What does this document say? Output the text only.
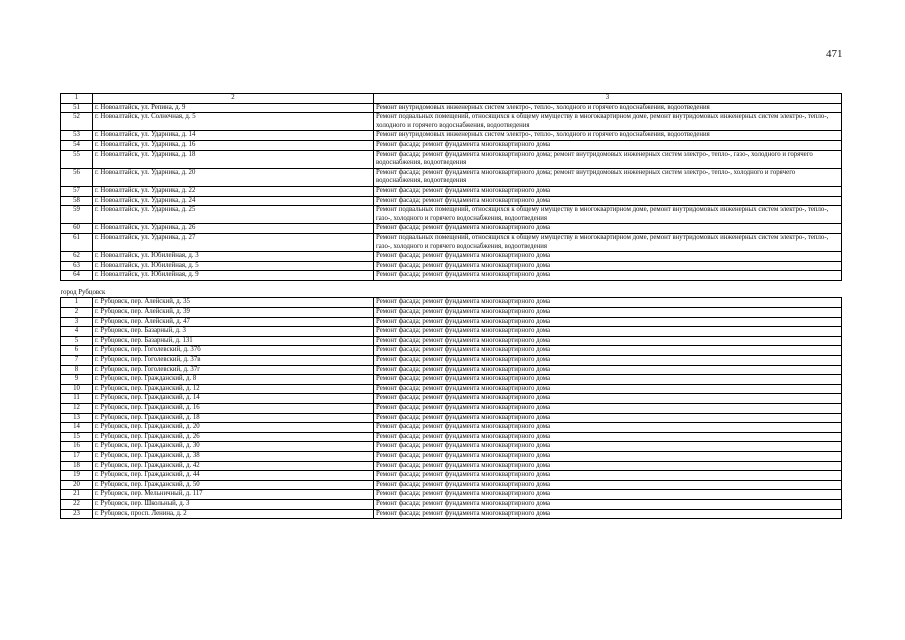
471
1	2	3
51	г. Новоалтайск, ул. Репина, д. 9	Ремонт внутридомовых инженерных систем электро-, тепло-, холодного и горячего водоснабжения, водоотведения
52	г. Новоалтайск, ул. Солнечная, д. 5	Ремонт подвальных помещений, относящихся к общему имуществу в многоквартирном доме, ремонт внутридомовых инженерных систем электро-, тепло-, холодного и горячего водоснабжения, водоотведения
53	г. Новоалтайск, ул. Ударника, д. 14	Ремонт внутридомовых инженерных систем электро-, тепло-, холодного и горячего водоснабжения, водоотведения
54	г. Новоалтайск, ул. Ударника, д. 16	Ремонт фасада; ремонт фундамента многоквартирного дома
55	г. Новоалтайск, ул. Ударника, д. 18	Ремонт фасада; ремонт фундамента многоквартирного дома; ремонт внутридомовых инженерных систем электро-, тепло-, газо-, холодного и горячего водоснабжения, водоотведения
56	г. Новоалтайск, ул. Ударника, д. 20	Ремонт фасада; ремонт фундамента многоквартирного дома; ремонт внутридомовых инженерных систем электро-, тепло-, холодного и горячего водоснабжения, водоотведения
57	г. Новоалтайск, ул. Ударника, д. 22	Ремонт фасада; ремонт фундамента многоквартирного дома
58	г. Новоалтайск, ул. Ударника, д. 24	Ремонт фасада; ремонт фундамента многоквартирного дома
59	г. Новоалтайск, ул. Ударника, д. 25	Ремонт подвальных помещений, относящихся к общему имуществу в многоквартирном доме, ремонт внутридомовых инженерных систем электро-, тепло-, газо-, холодного и горячего водоснабжения, водоотведения
60	г. Новоалтайск, ул. Ударника, д. 26	Ремонт фасада; ремонт фундамента многоквартирного дома
61	г. Новоалтайск, ул. Ударника, д. 27	Ремонт подвальных помещений, относящихся к общему имуществу в многоквартирном доме, ремонт внутридомовых инженерных систем электро-, тепло-, газо-, холодного и горячего водоснабжения, водоотведения
62	г. Новоалтайск, ул. Юбилейная, д. 3	Ремонт фасада; ремонт фундамента многоквартирного дома
63	г. Новоалтайск, ул. Юбилейная, д. 5	Ремонт фасада; ремонт фундамента многоквартирного дома
64	г. Новоалтайск, ул. Юбилейная, д. 9	Ремонт фасада; ремонт фундамента многоквартирного дома
город Рубцовск		
1	г. Рубцовск, пер. Алейский, д. 35	Ремонт фасада; ремонт фундамента многоквартирного дома
2	г. Рубцовск, пер. Алейский, д. 39	Ремонт фасада; ремонт фундамента многоквартирного дома
3	г. Рубцовск, пер. Алейский, д. 47	Ремонт фасада; ремонт фундамента многоквартирного дома
4	г. Рубцовск, пер. Базарный, д. 3	Ремонт фасада; ремонт фундамента многоквартирного дома
5	г. Рубцовск, пер. Базарный, д. 131	Ремонт фасада; ремонт фундамента многоквартирного дома
6	г. Рубцовск, пер. Гоголевский, д. 37б	Ремонт фасада; ремонт фундамента многоквартирного дома
7	г. Рубцовск, пер. Гоголевский, д. 37в	Ремонт фасада; ремонт фундамента многоквартирного дома
8	г. Рубцовск, пер. Гоголевский, д. 37г	Ремонт фасада; ремонт фундамента многоквартирного дома
9	г. Рубцовск, пер. Гражданский, д. 8	Ремонт фасада; ремонт фундамента многоквартирного дома
10	г. Рубцовск, пер. Гражданский, д. 12	Ремонт фасада; ремонт фундамента многоквартирного дома
11	г. Рубцовск, пер. Гражданский, д. 14	Ремонт фасада; ремонт фундамента многоквартирного дома
12	г. Рубцовск, пер. Гражданский, д. 16	Ремонт фасада; ремонт фундамента многоквартирного дома
13	г. Рубцовск, пер. Гражданский, д. 18	Ремонт фасада; ремонт фундамента многоквартирного дома
14	г. Рубцовск, пер. Гражданский, д. 20	Ремонт фасада; ремонт фундамента многоквартирного дома
15	г. Рубцовск, пер. Гражданский, д. 26	Ремонт фасада; ремонт фундамента многоквартирного дома
16	г. Рубцовск, пер. Гражданский, д. 30	Ремонт фасада; ремонт фундамента многоквартирного дома
17	г. Рубцовск, пер. Гражданский, д. 38	Ремонт фасада; ремонт фундамента многоквартирного дома
18	г. Рубцовск, пер. Гражданский, д. 42	Ремонт фасада; ремонт фундамента многоквартирного дома
19	г. Рубцовск, пер. Гражданский, д. 44	Ремонт фасада; ремонт фундамента многоквартирного дома
20	г. Рубцовск, пер. Гражданский, д. 50	Ремонт фасада; ремонт фундамента многоквартирного дома
21	г. Рубцовск, пер. Мельничный, д. 117	Ремонт фасада; ремонт фундамента многоквартирного дома
22	г. Рубцовск, пер. Школьный, д. 3	Ремонт фасада; ремонт фундамента многоквартирного дома
23	г. Рубцовск, просп. Ленина, д. 2	Ремонт фасада; ремонт фундамента многоквартирного дома
